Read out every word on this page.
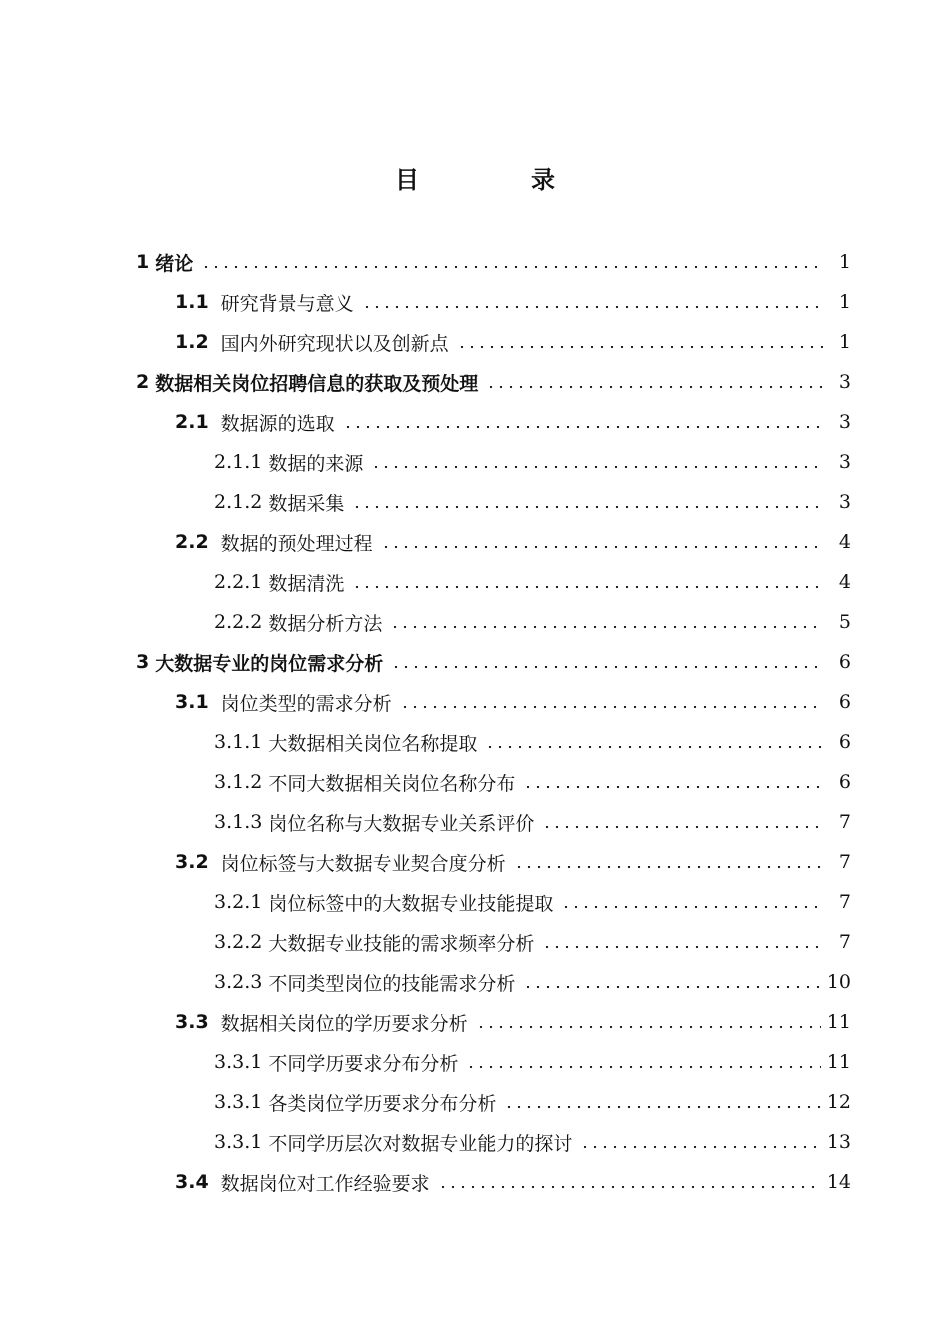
目　录
1 绪论	1
1.1 研究背景与意义	1
1.2 国内外研究现状以及创新点	1
2 数据相关岗位招聘信息的获取及预处理	3
2.1 数据源的选取	3
2.1.1 数据的来源	3
2.1.2 数据采集	3
2.2 数据的预处理过程	4
2.2.1 数据清洗	4
2.2.2 数据分析方法	5
3 大数据专业的岗位需求分析	6
3.1 岗位类型的需求分析	6
3.1.1 大数据相关岗位名称提取	6
3.1.2 不同大数据相关岗位名称分布	6
3.1.3 岗位名称与大数据专业关系评价	7
3.2 岗位标签与大数据专业契合度分析	7
3.2.1 岗位标签中的大数据专业技能提取	7
3.2.2 大数据专业技能的需求频率分析	7
3.2.3 不同类型岗位的技能需求分析	10
3.3 数据相关岗位的学历要求分析	11
3.3.1 不同学历要求分布分析	11
3.3.1 各类岗位学历要求分布分析	12
3.3.1 不同学历层次对数据专业能力的探讨	13
3.4 数据岗位对工作经验要求	14
